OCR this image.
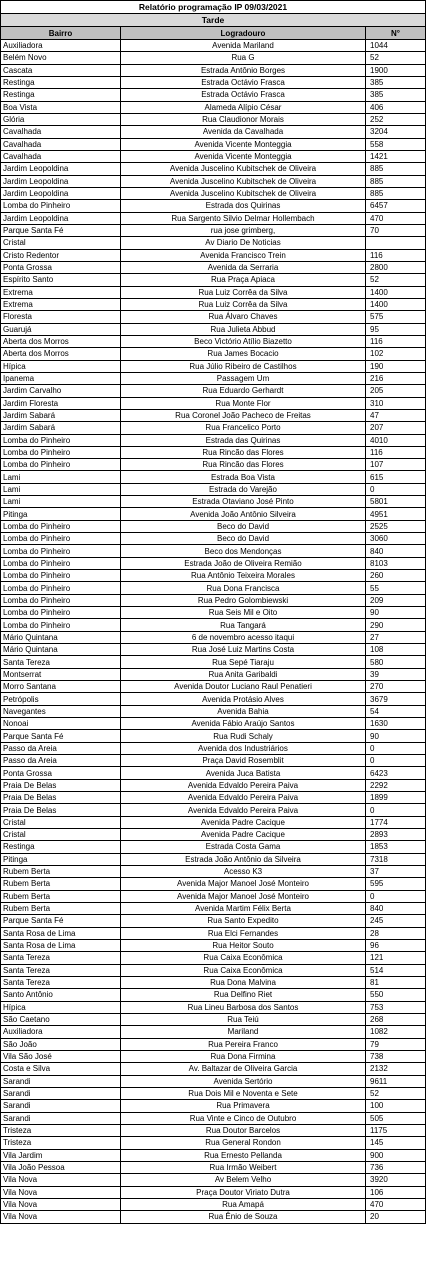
Relatório programação IP 09/03/2021		
Tarde		
Bairro	Logradouro	N°
Auxiliadora	Avenida Mariland	1044
Belém Novo	Rua G	52
Cascata	Estrada Antônio Borges	1900
Restinga	Estrada Octávio Frasca	385
Restinga	Estrada Octávio Frasca	385
Boa Vista	Alameda Alípio César	406
Glória	Rua Claudionor Morais	252
Cavalhada	Avenida da Cavalhada	3204
Cavalhada	Avenida Vicente Monteggia	558
Cavalhada	Avenida Vicente Monteggia	1421
Jardim Leopoldina	Avenida Juscelino Kubitschek de Oliveira	885
Jardim Leopoldina	Avenida Juscelino Kubitschek de Oliveira	885
Jardim Leopoldina	Avenida Juscelino Kubitschek de Oliveira	885
Lomba do Pinheiro	Estrada dos Quirinas	6457
Jardim Leopoldina	Rua Sargento Silvio Delmar Hollembach	470
Parque Santa Fé	rua jose grimberg,	70
Cristal	Av Diario De Noticias	
Cristo Redentor	Avenida Francisco Trein	116
Ponta Grossa	Avenida da Serraria	2800
Espírito Santo	Rua Praça Apiaca	52
Extrema	Rua Luiz Corrêa da Silva	1400
Extrema	Rua Luiz Corrêa da Silva	1400
Floresta	Rua Álvaro Chaves	575
Guarujá	Rua Julieta Abbud	95
Aberta dos Morros	Beco Victório Atílio Biazetto	116
Aberta dos Morros	Rua James Bocacio	102
Hípica	Rua Júlio Ribeiro de Castilhos	190
Ipanema	Passagem Um	216
Jardim Carvalho	Rua Eduardo Gerhardt	205
Jardim Floresta	Rua Monte Flor	310
Jardim Sabará	Rua Coronel João Pacheco de Freitas	47
Jardim Sabará	Rua Francelico Porto	207
Lomba do Pinheiro	Estrada das Quirinas	4010
Lomba do Pinheiro	Rua Rincão das Flores	116
Lomba do Pinheiro	Rua Rincão das Flores	107
Lami	Estrada Boa Vista	615
Lami	Estrada do Varejão	0
Lami	Estrada Otaviano José Pinto	5801
Pitinga	Avenida João Antônio Silveira	4951
Lomba do Pinheiro	Beco do David	2525
Lomba do Pinheiro	Beco do David	3060
Lomba do Pinheiro	Beco dos Mendonças	840
Lomba do Pinheiro	Estrada João de Oliveira Remião	8103
Lomba do Pinheiro	Rua Antônio Teixeira Morales	260
Lomba do Pinheiro	Rua Dona Francisca	55
Lomba do Pinheiro	Rua Pedro Golombiewski	209
Lomba do Pinheiro	Rua Seis Mil e Oito	90
Lomba do Pinheiro	Rua Tangará	290
Mário Quintana	6 de novembro acesso itaqui	27
Mário Quintana	Rua José Luiz Martins Costa	108
Santa Tereza	Rua Sepé Tiaraju	580
Montserrat	Rua Anita Garibaldi	39
Morro Santana	Avenida Doutor Luciano Raul Penatieri	270
Petrópolis	Avenida Protásio Alves	3679
Navegantes	Avenida Bahia	54
Nonoai	Avenida Fábio Araújo Santos	1630
Parque Santa Fé	Rua Rudi Schaly	90
Passo da Areia	Avenida dos Industriários	0
Passo da Areia	Praça David Rosemblit	0
Ponta Grossa	Avenida Juca Batista	6423
Praia De Belas	Avenida Edvaldo Pereira Paiva	2292
Praia De Belas	Avenida Edvaldo Pereira Paiva	1899
Praia De Belas	Avenida Edvaldo Pereira Paiva	0
Cristal	Avenida Padre Cacique	1774
Cristal	Avenida Padre Cacique	2893
Restinga	Estrada Costa Gama	1853
Pitinga	Estrada João Antônio da Silveira	7318
Rubem Berta	Acesso K3	37
Rubem Berta	Avenida Major Manoel José Monteiro	595
Rubem Berta	Avenida Major Manoel José Monteiro	0
Rubem Berta	Avenida Martim Félix Berta	840
Parque Santa Fé	Rua Santo Expedito	245
Santa Rosa de Lima	Rua Elci Fernandes	28
Santa Rosa de Lima	Rua Heitor Souto	96
Santa Tereza	Rua Caixa Econômica	121
Santa Tereza	Rua Caixa Econômica	514
Santa Tereza	Rua Dona Malvina	81
Santo Antônio	Rua Delfino Riet	550
Hípica	Rua Lineu Barbosa dos Santos	753
São Caetano	Rua Teiú	268
Auxiliadora	Mariland	1082
São João	Rua Pereira Franco	79
Vila São José	Rua Dona Firmina	738
Costa e Silva	Av. Baltazar de Oliveira Garcia	2132
Sarandi	Avenida Sertório	9611
Sarandi	Rua Dois Mil e Noventa e Sete	52
Sarandi	Rua Primavera	100
Sarandi	Rua Vinte e Cinco de Outubro	505
Tristeza	Rua Doutor Barcelos	1175
Tristeza	Rua General Rondon	145
Vila Jardim	Rua Ernesto Pellanda	900
Vila João Pessoa	Rua Irmão Weibert	736
Vila Nova	Av Belem Velho	3920
Vila Nova	Praça Doutor Viriato Dutra	106
Vila Nova	Rua Amapá	470
Vila Nova	Rua Ênio de Souza	20
